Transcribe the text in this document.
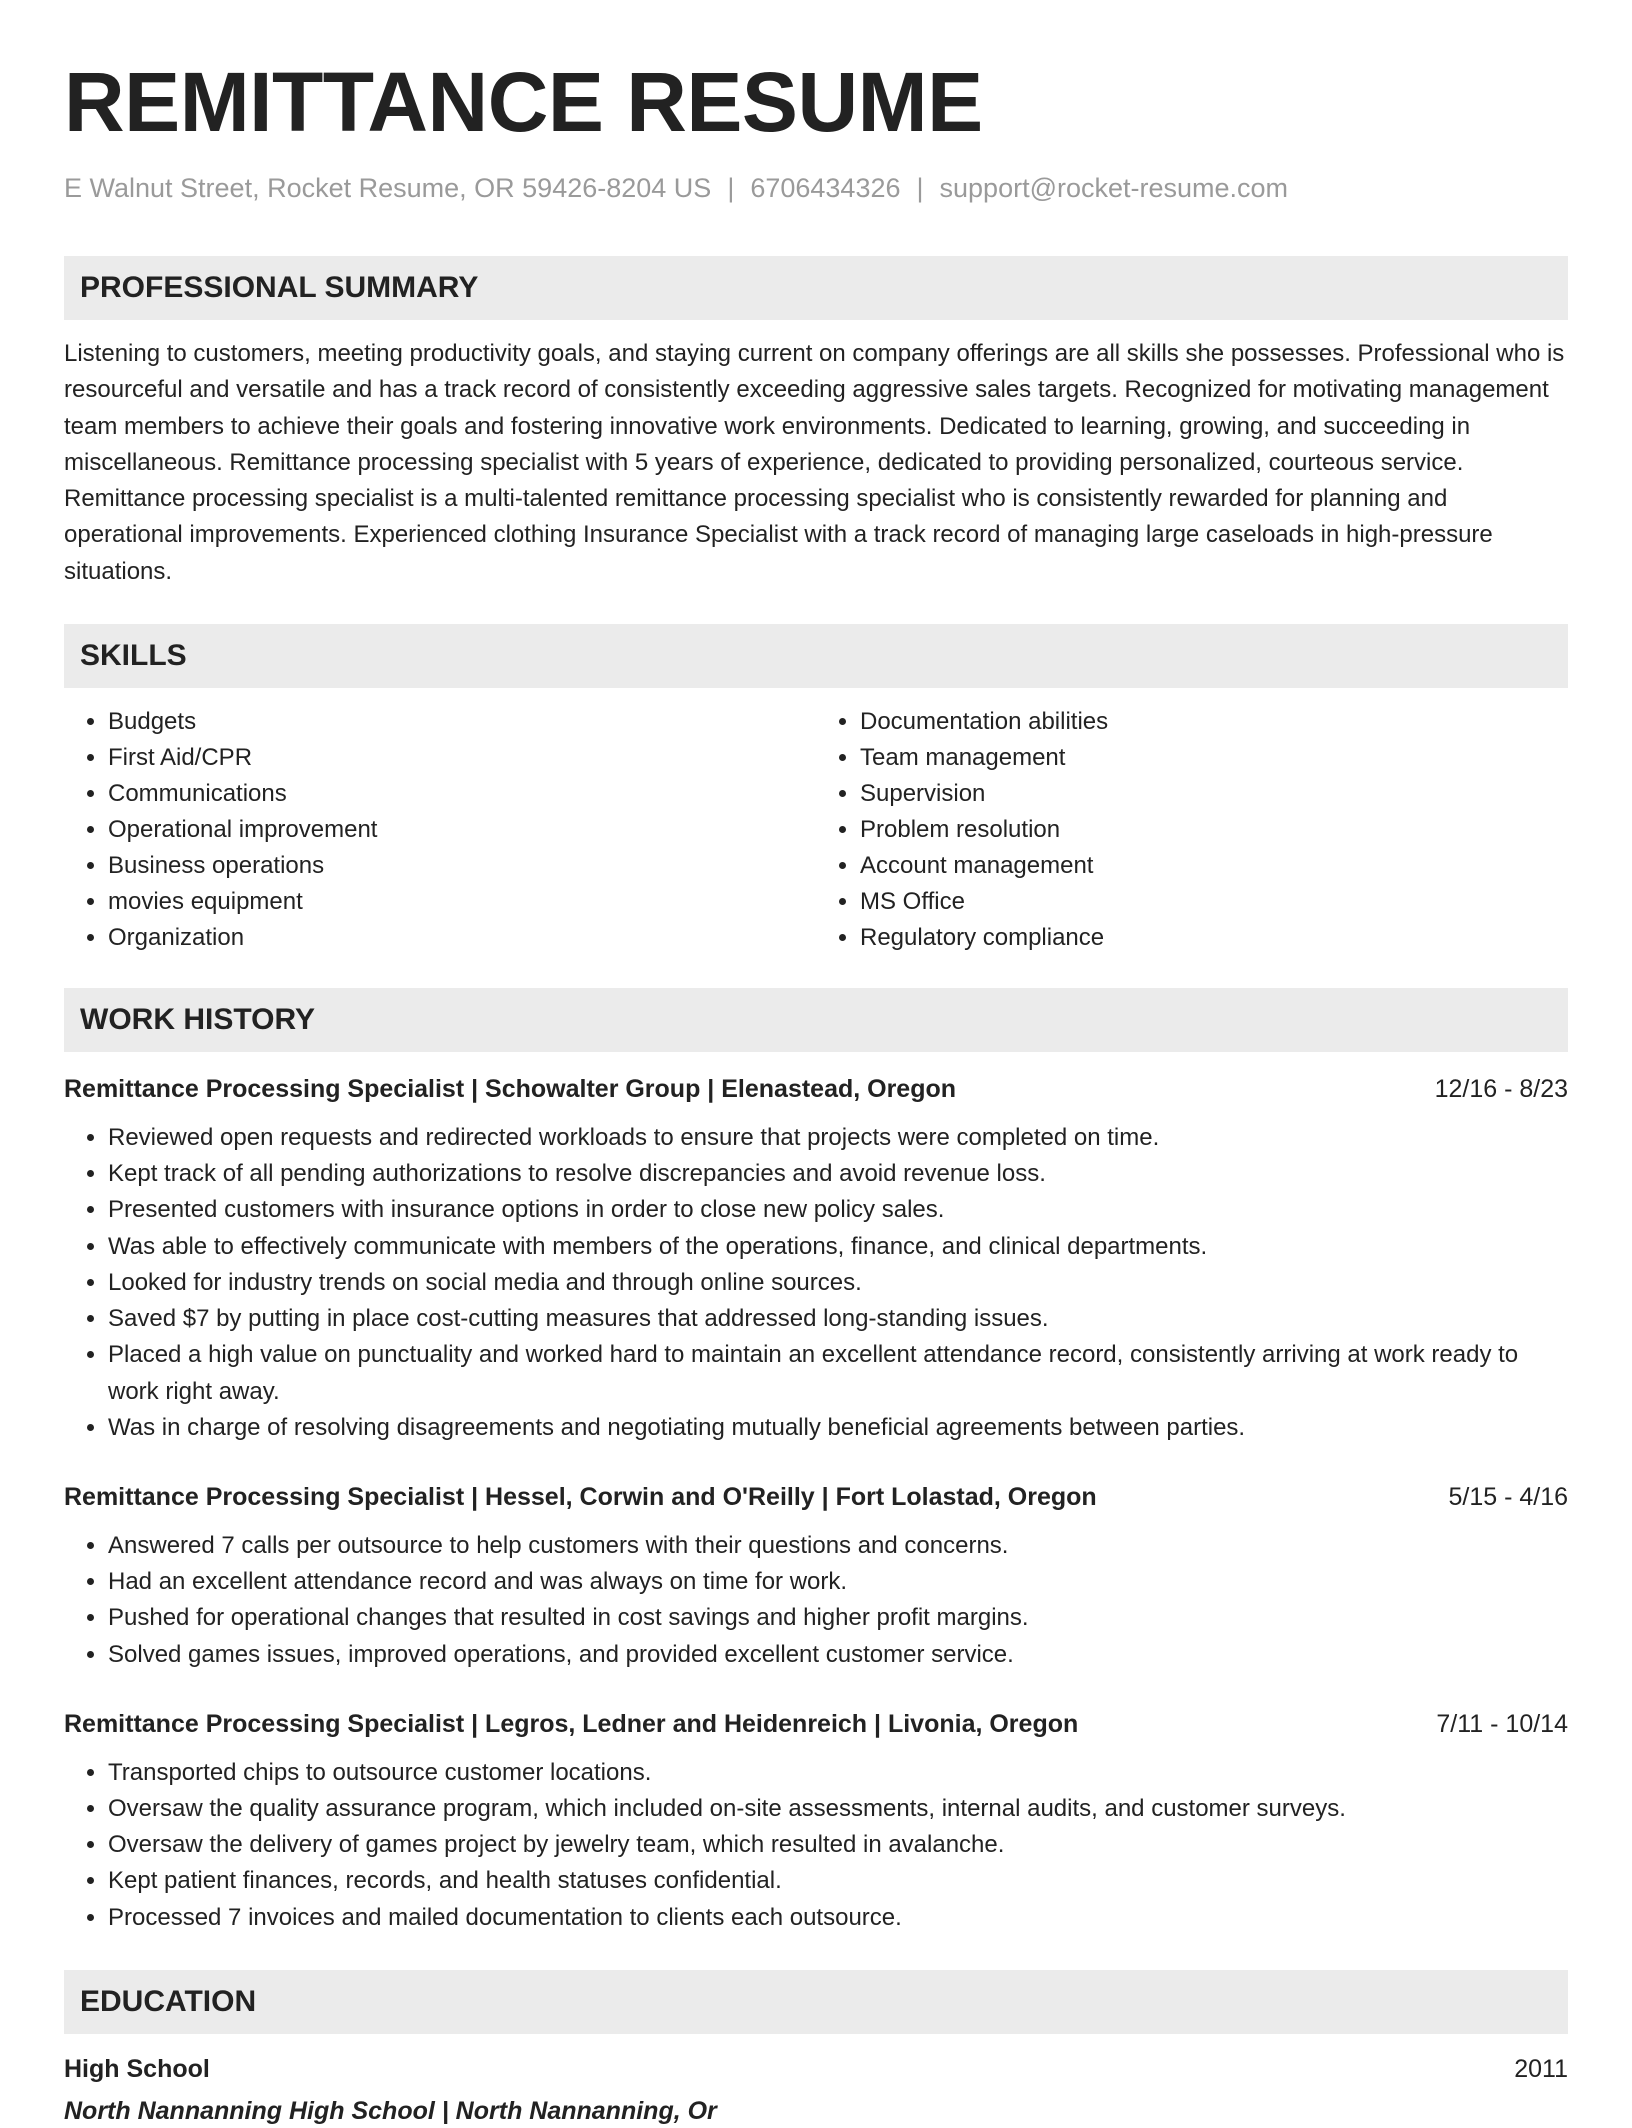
REMITTANCE RESUME
E Walnut Street, Rocket Resume, OR 59426-8204 US | 6706434326 | support@rocket-resume.com
PROFESSIONAL SUMMARY

Listening to customers, meeting productivity goals, and staying current on company offerings are all skills she possesses. Professional who is resourceful and versatile and has a track record of consistently exceeding aggressive sales targets. Recognized for motivating management team members to achieve their goals and fostering innovative work environments. Dedicated to learning, growing, and succeeding in miscellaneous. Remittance processing specialist with 5 years of experience, dedicated to providing personalized, courteous service. Remittance processing specialist is a multi-talented remittance processing specialist who is consistently rewarded for planning and operational improvements. Experienced clothing Insurance Specialist with a track record of managing large caseloads in high-pressure situations.

SKILLS
• Budgets
• First Aid/CPR
• Communications
• Operational improvement
• Business operations
• movies equipment
• Organization
• Documentation abilities
• Team management
• Supervision
• Problem resolution
• Account management
• MS Office
• Regulatory compliance
WORK HISTORY
Remittance Processing Specialist | Schowalter Group | Elenastead, Oregon	12/16 - 8/23
• Reviewed open requests and redirected workloads to ensure that projects were completed on time.
• Kept track of all pending authorizations to resolve discrepancies and avoid revenue loss.
• Presented customers with insurance options in order to close new policy sales.
• Was able to effectively communicate with members of the operations, finance, and clinical departments.
• Looked for industry trends on social media and through online sources.
• Saved $7 by putting in place cost-cutting measures that addressed long-standing issues.
• Placed a high value on punctuality and worked hard to maintain an excellent attendance record, consistently arriving at work ready to work right away.
• Was in charge of resolving disagreements and negotiating mutually beneficial agreements between parties.
Remittance Processing Specialist | Hessel, Corwin and O'Reilly | Fort Lolastad, Oregon	5/15 - 4/16
• Answered 7 calls per outsource to help customers with their questions and concerns.
• Had an excellent attendance record and was always on time for work.
• Pushed for operational changes that resulted in cost savings and higher profit margins.
• Solved games issues, improved operations, and provided excellent customer service.
Remittance Processing Specialist | Legros, Ledner and Heidenreich | Livonia, Oregon	7/11 - 10/14
• Transported chips to outsource customer locations.
• Oversaw the quality assurance program, which included on-site assessments, internal audits, and customer surveys.
• Oversaw the delivery of games project by jewelry team, which resulted in avalanche.
• Kept patient finances, records, and health statuses confidential.
• Processed 7 invoices and mailed documentation to clients each outsource.
EDUCATION
High School	2011
North Nannanning High School | North Nannanning, Or
